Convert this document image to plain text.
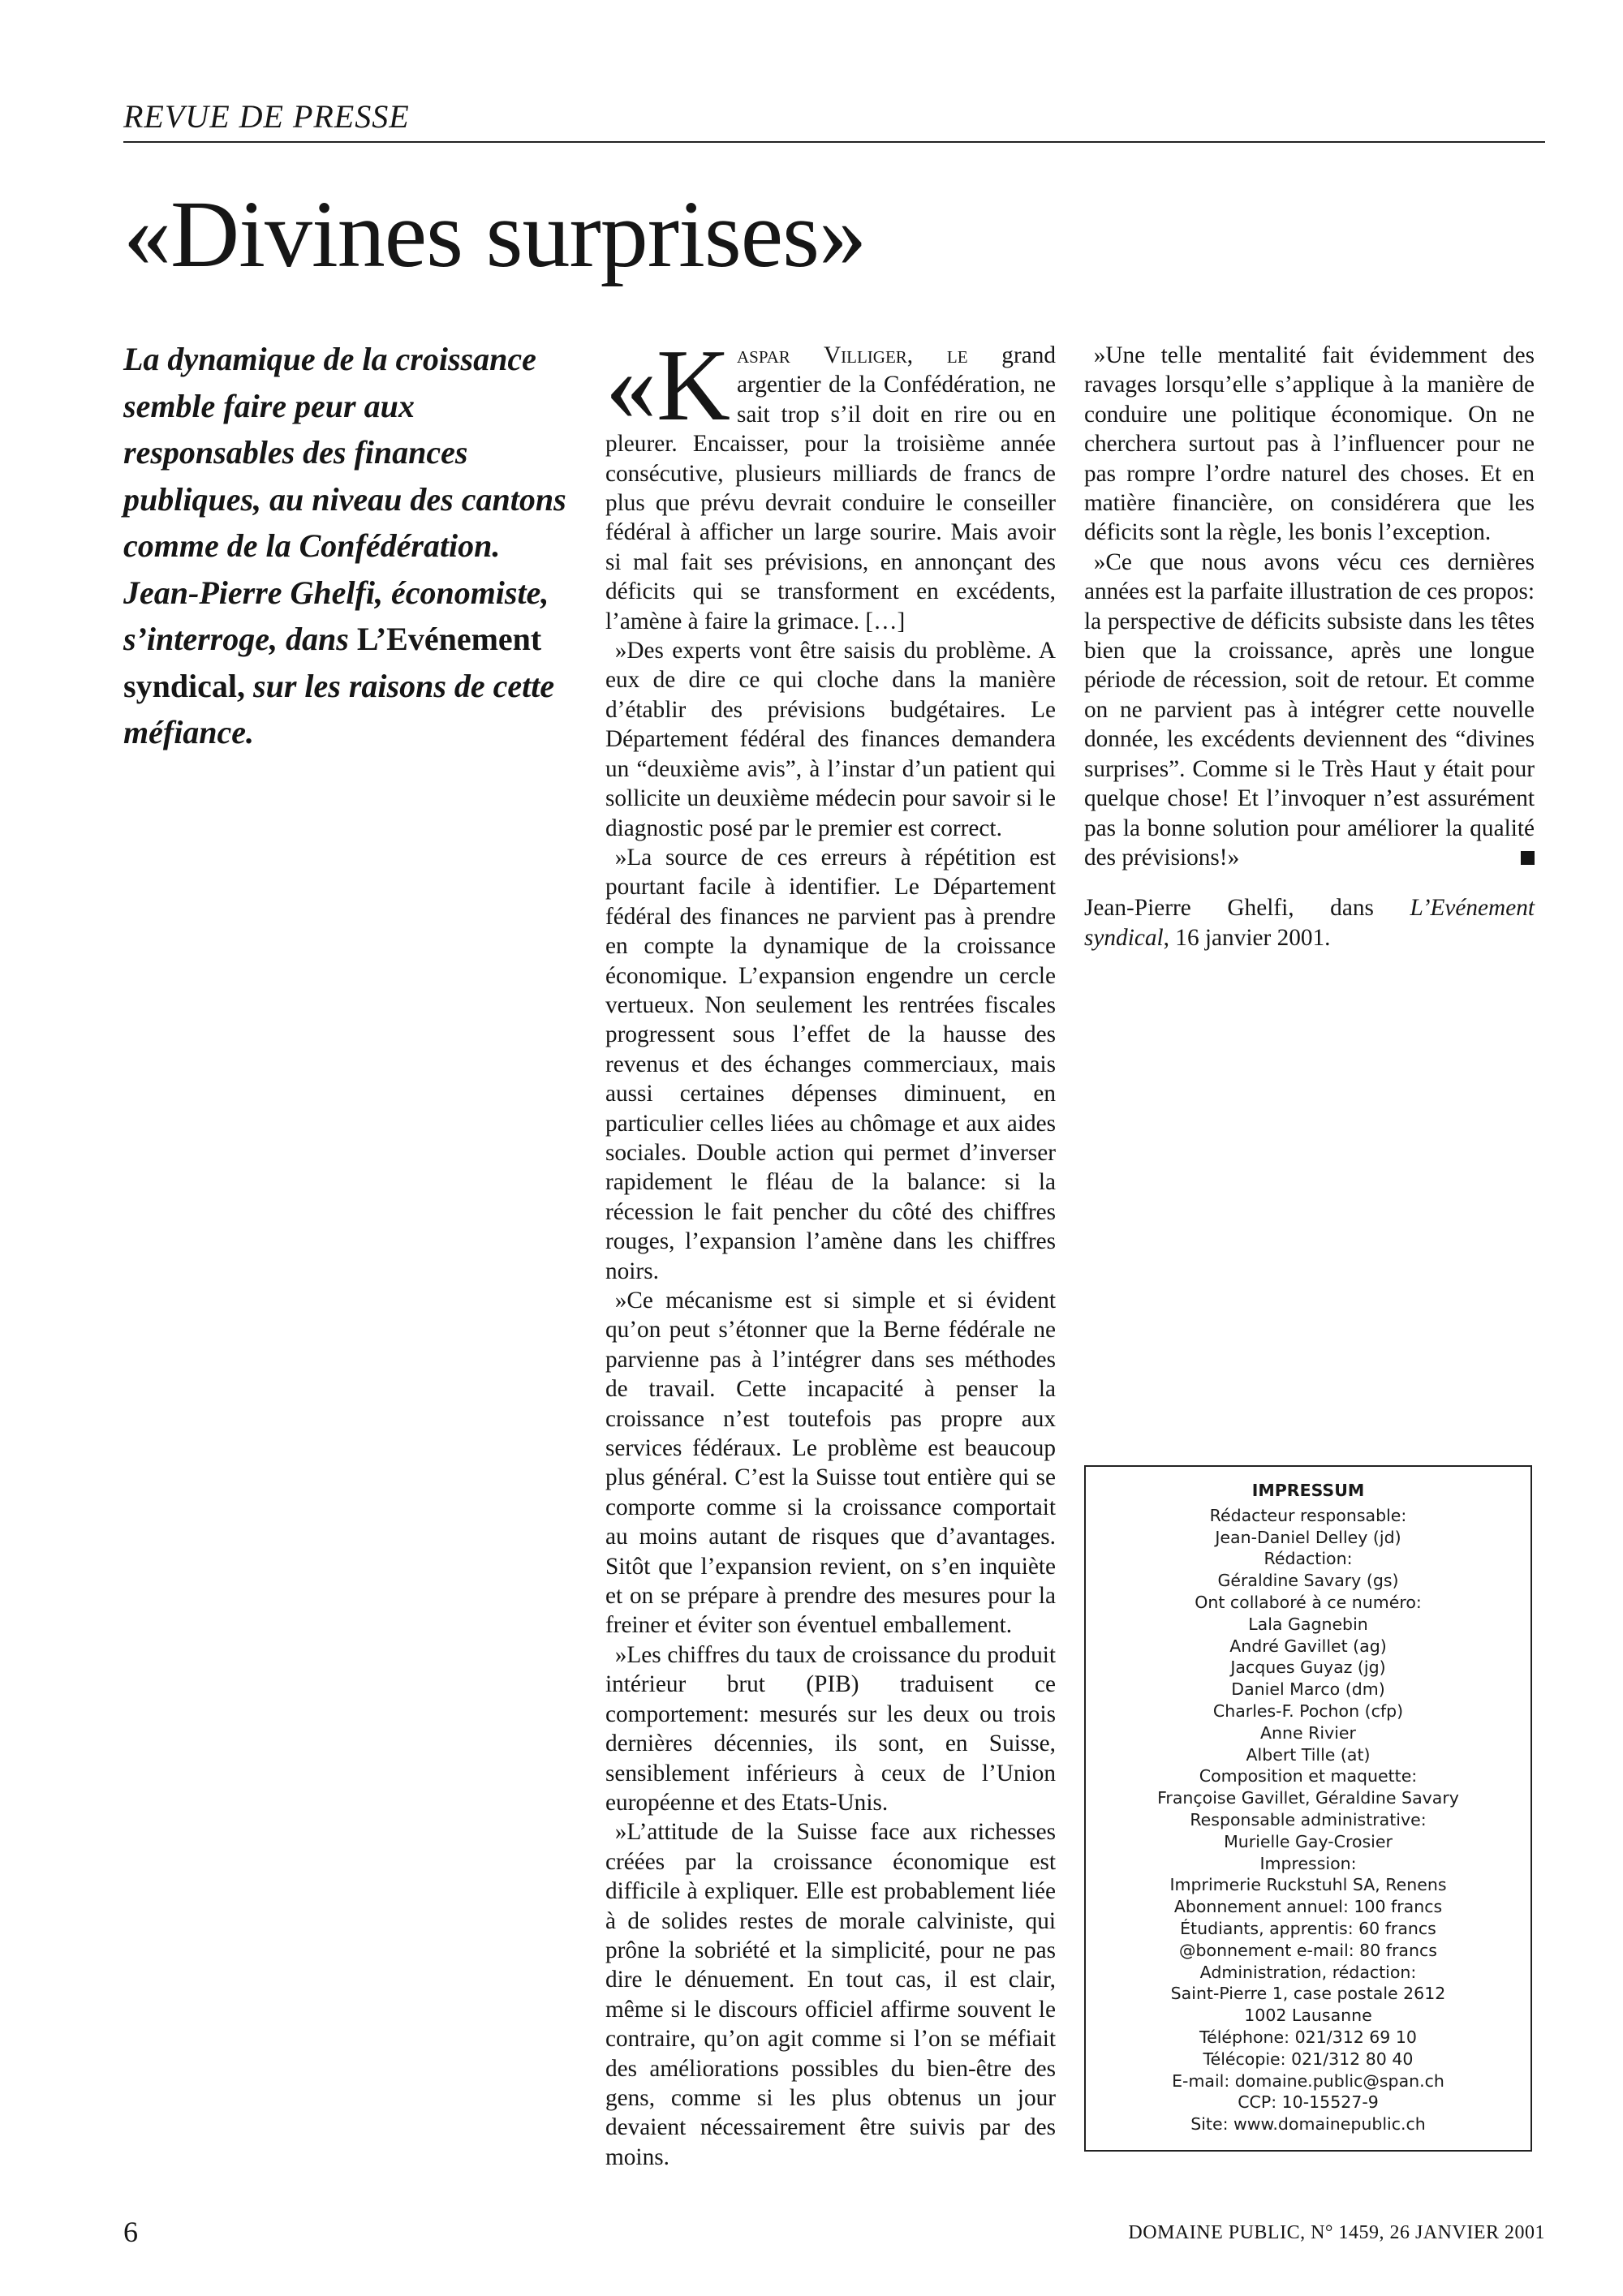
REVUE DE PRESSE
«Divines surprises»
La dynamique de la croissance semble faire peur aux responsables des finances publiques, au niveau des cantons comme de la Confédération. Jean-Pierre Ghelfi, économiste, s’interroge, dans L’Evénement syndical, sur les raisons de cette méfiance.

«Kaspar Villiger, le grand argentier de la Confédération, ne sait trop s’il doit en rire ou en pleurer. Encaisser, pour la troisième année consécutive, plusieurs milliards de francs de plus que prévu devrait conduire le conseiller fédéral à afficher un large sourire. Mais avoir si mal fait ses prévisions, en annonçant des déficits qui se transforment en excédents, l’amène à faire la grimace. […]

»Des experts vont être saisis du problème. A eux de dire ce qui cloche dans la manière d’établir des prévisions budgétaires. Le Département fédéral des finances demandera un “deuxième avis”, à l’instar d’un patient qui sollicite un deuxième médecin pour savoir si le diagnostic posé par le premier est correct.

»La source de ces erreurs à répétition est pourtant facile à identifier. Le Département fédéral des finances ne parvient pas à prendre en compte la dynamique de la croissance économique. L’expansion engendre un cercle vertueux. Non seulement les rentrées fiscales progressent sous l’effet de la hausse des revenus et des échanges commerciaux, mais aussi certaines dépenses diminuent, en particulier celles liées au chômage et aux aides sociales. Double action qui permet d’inverser rapidement le fléau de la balance: si la récession le fait pencher du côté des chiffres rouges, l’expansion l’amène dans les chiffres noirs.

»Ce mécanisme est si simple et si évident qu’on peut s’étonner que la Berne fédérale ne parvienne pas à l’intégrer dans ses méthodes de travail. Cette incapacité à penser la croissance n’est toutefois pas propre aux services fédéraux. Le problème est beaucoup plus général. C’est la Suisse tout entière qui se comporte comme si la croissance comportait au moins autant de risques que d’avantages. Sitôt que l’expansion revient, on s’en inquiète et on se prépare à prendre des mesures pour la freiner et éviter son éventuel emballement.

»Les chiffres du taux de croissance du produit intérieur brut (PIB) traduisent ce comportement: mesurés sur les deux ou trois dernières décennies, ils sont, en Suisse, sensiblement inférieurs à ceux de l’Union européenne et des Etats-Unis.

»L’attitude de la Suisse face aux richesses créées par la croissance économique est difficile à expliquer. Elle est probablement liée à de solides restes de morale calviniste, qui prône la sobriété et la simplicité, pour ne pas dire le dénuement. En tout cas, il est clair, même si le discours officiel affirme souvent le contraire, qu’on agit comme si l’on se méfiait des améliorations possibles du bien-être des gens, comme si les plus obtenus un jour devaient nécessairement être suivis par des moins.

»Une telle mentalité fait évidemment des ravages lorsqu’elle s’applique à la manière de conduire une politique économique. On ne cherchera surtout pas à l’influencer pour ne pas rompre l’ordre naturel des choses. Et en matière financière, on considérera que les déficits sont la règle, les bonis l’exception.

»Ce que nous avons vécu ces dernières années est la parfaite illustration de ces propos: la perspective de déficits subsiste dans les têtes bien que la croissance, après une longue période de récession, soit de retour. Et comme on ne parvient pas à intégrer cette nouvelle donnée, les excédents deviennent des “divines surprises”. Comme si le Très Haut y était pour quelque chose! Et l’invoquer n’est assurément pas la bonne solution pour améliorer la qualité des prévisions!»

Jean-Pierre Ghelfi, dans L’Evénement syndical, 16 janvier 2001.

IMPRESSUM
Rédacteur responsable:
Jean-Daniel Delley (jd)
Rédaction:
Géraldine Savary (gs)
Ont collaboré à ce numéro:
Lala Gagnebin
André Gavillet (ag)
Jacques Guyaz (jg)
Daniel Marco (dm)
Charles-F. Pochon (cfp)
Anne Rivier
Albert Tille (at)
Composition et maquette:
Françoise Gavillet, Géraldine Savary
Responsable administrative:
Murielle Gay-Crosier
Impression:
Imprimerie Ruckstuhl SA, Renens
Abonnement annuel: 100 francs
Étudiants, apprentis: 60 francs
@bonnement e-mail: 80 francs
Administration, rédaction:
Saint-Pierre 1, case postale 2612
1002 Lausanne
Téléphone: 021/312 69 10
Télécopie: 021/312 80 40
E-mail: domaine.public@span.ch
CCP: 10-15527-9
Site: www.domainepublic.ch
6	DOMAINE PUBLIC, N° 1459, 26 JANVIER 2001
